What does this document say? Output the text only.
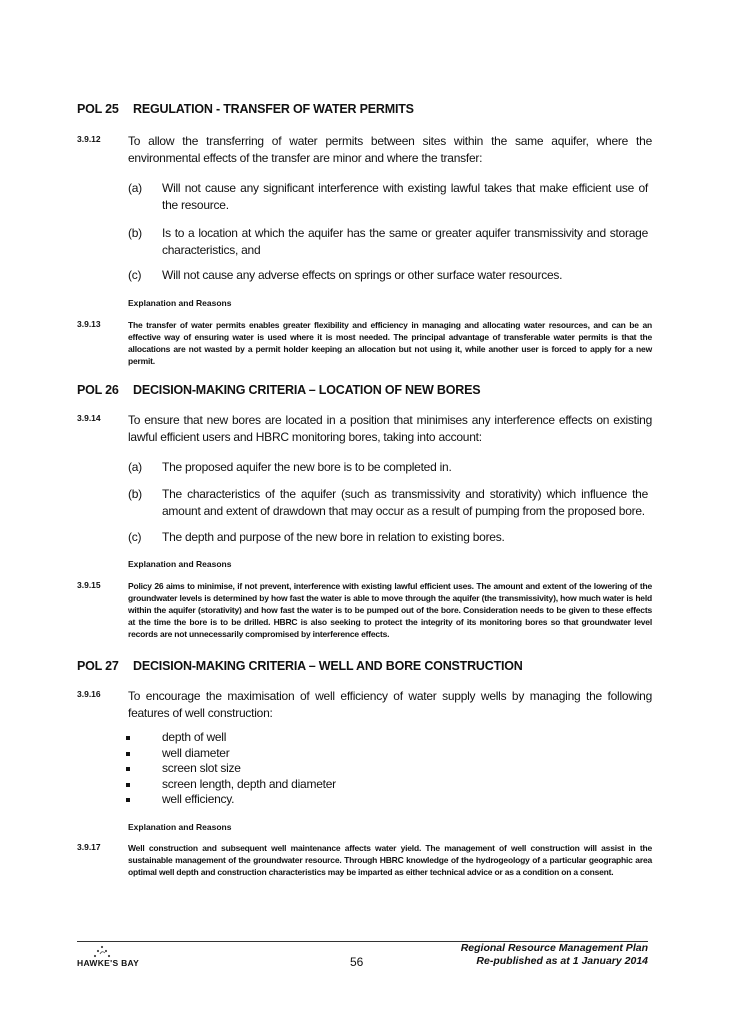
POL 25 REGULATION - TRANSFER OF WATER PERMITS
3.9.12 To allow the transferring of water permits between sites within the same aquifer, where the environmental effects of the transfer are minor and where the transfer:
(a) Will not cause any significant interference with existing lawful takes that make efficient use of the resource.
(b) Is to a location at which the aquifer has the same or greater aquifer transmissivity and storage characteristics, and
(c) Will not cause any adverse effects on springs or other surface water resources.
Explanation and Reasons
3.9.13	The transfer of water permits enables greater flexibility and efficiency in managing and allocating water resources, and can be an effective way of ensuring water is used where it is most needed. The principal advantage of transferable water permits is that the allocations are not wasted by a permit holder keeping an allocation but not using it, while another user is forced to apply for a new permit.
POL 26 DECISION-MAKING CRITERIA – LOCATION OF NEW BORES
3.9.14 To ensure that new bores are located in a position that minimises any interference effects on existing lawful efficient users and HBRC monitoring bores, taking into account:
(a) The proposed aquifer the new bore is to be completed in.
(b) The characteristics of the aquifer (such as transmissivity and storativity) which influence the amount and extent of drawdown that may occur as a result of pumping from the proposed bore.
(c) The depth and purpose of the new bore in relation to existing bores.
Explanation and Reasons
3.9.15	Policy 26 aims to minimise, if not prevent, interference with existing lawful efficient uses. The amount and extent of the lowering of the groundwater levels is determined by how fast the water is able to move through the aquifer (the transmissivity), how much water is held within the aquifer (storativity) and how fast the water is to be pumped out of the bore. Consideration needs to be given to these effects at the time the bore is to be drilled. HBRC is also seeking to protect the integrity of its monitoring bores so that groundwater level records are not unnecessarily compromised by interference effects.
POL 27 DECISION-MAKING CRITERIA – WELL AND BORE CONSTRUCTION
3.9.16 To encourage the maximisation of well efficiency of water supply wells by managing the following features of well construction:
depth of well
well diameter
screen slot size
screen length, depth and diameter
well efficiency.
Explanation and Reasons
3.9.17	Well construction and subsequent well maintenance affects water yield. The management of well construction will assist in the sustainable management of the groundwater resource. Through HBRC knowledge of the hydrogeology of a particular geographic area optimal well depth and construction characteristics may be imparted as either technical advice or as a condition on a consent.
HAWKE'S BAY	56
Regional Resource Management Plan
Re-published as at 1 January 2014
